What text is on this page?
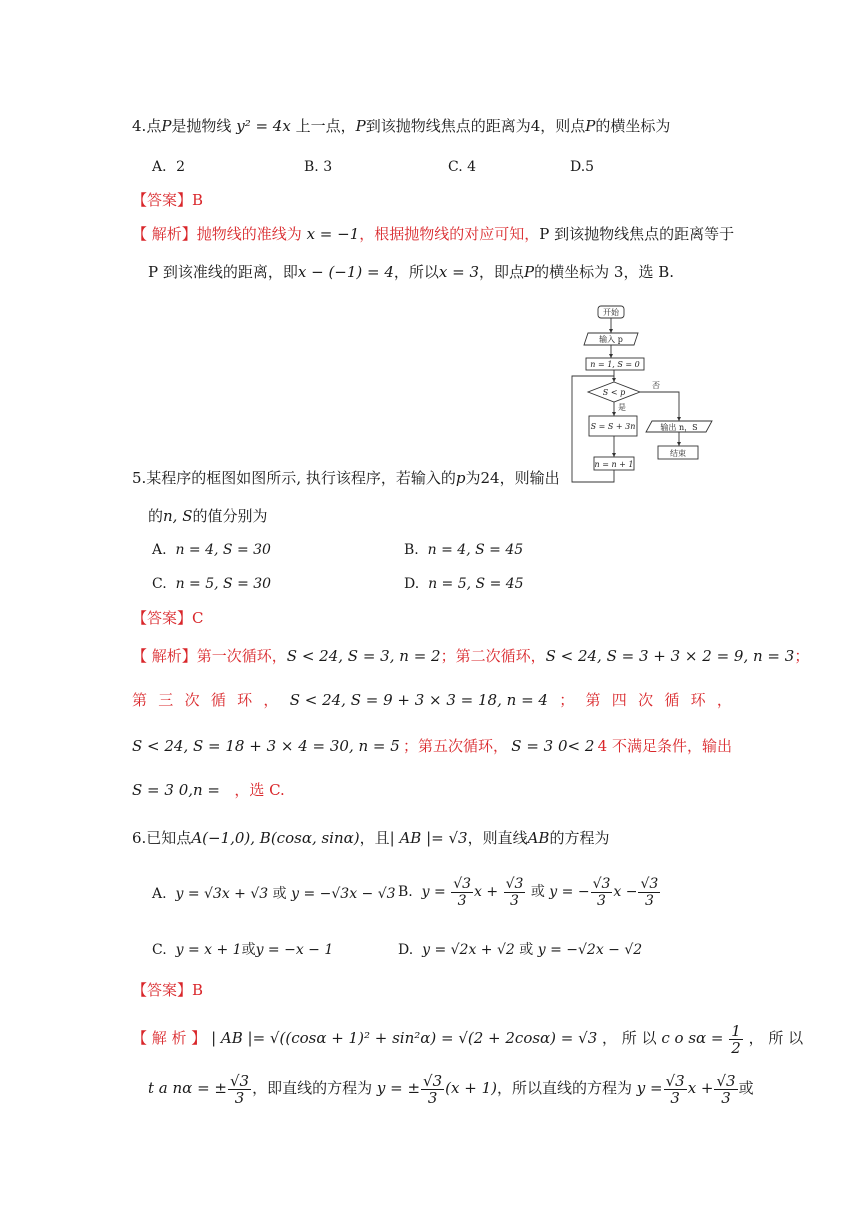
4.点P是抛物线 y² = 4x 上一点，P到该抛物线焦点的距离为4，则点P的横坐标为
A．2	B. 3	C. 4	D.5
【答案】B
【 解析】抛物线的准线为 x = −1，根据抛物线的对应可知，P 到该抛物线焦点的距离等于
P 到该准线的距离，即x − (−1) = 4，所以x = 3，即点P的横坐标为 3，选 B.
开始
输入 p
n = 1, S = 0
S < p
否
是
S = S + 3n	输出 n，S
结束
n = n + 1
5.某程序的框图如图所示, 执行该程序，若输入的p为24，则输出
的n, S的值分别为
A. n = 4, S = 30	B. n = 4, S = 45
C. n = 5, S = 30	D. n = 5, S = 45
【答案】C
【 解析】第一次循环，S < 24, S = 3, n = 2；第二次循环，S < 24, S = 3 + 3 × 2 = 9, n = 3；
第 三 次 循 环 ， S < 24, S = 9 + 3 × 3 = 18, n = 4 ； 第 四 次 循 环 ，
S < 24, S = 18 + 3 × 4 = 30, n = 5 ；第五次循环， S = 3 0< 2 4 不满足条件，输出
S = 3 0,n = ，选 C.
6.已知点A(−1,0), B(cosα, sinα)，且| AB |= √3，则直线AB的方程为
A. y = √3x + √3 或 y = −√3x − √3 B. $y = \frac{√3}{3}$ $x + \frac{√3}{3}$ 或 y = − $\frac{√3}{3}$ $x - \frac{√3}{3}$
C. y = x + 1或y = −x − 1	D. y = √2x + √2 或 y = −√2x − √2
【答案】B
【 解 析 】 | AB |= √((cosα + 1)² + sin²α) = √(2 + 2cosα) = √3 ， 所 以 c o $s\alpha = \frac{1}{2}$ ， 所 以
t a nα = ± $\frac{√3}{3}$ ，即直线的方程为 y = ± $\frac{√3}{3} (x + 1)$，所以直线的方程为 $y = \frac{√3}{3}$ $x + \frac{√3}{3}$ 或
